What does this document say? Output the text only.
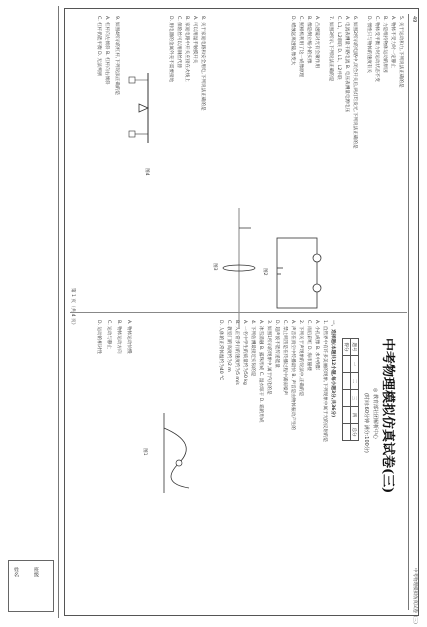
姓名	班级
49
中考物理模拟仿真试卷（三）
5. 关于运动和力,下列说法正确的是
A. 物体不受力时一定静止
B. 力是维持物体运动的原因
C. 物体受平衡力时运动状态不变
D. 惯性只与物体的速度有关
6. 如图2所示的电路中,闭合开关后,两灯均发光,下列说法正确的是
A. 电流表测量干路电流 B. 电压表测量电源电压
C. L1、L2串联 D. L1、L2并联
7. 如图3所示,下列说法正确的是
图2
A. 凸透镜对光有会聚作用
B. 像是倒立缩小的实像
C. 照相机利用了这一成像原理
D. 蜡烛远离透镜,像变大
图3
8. 关于家庭电路和安全用电,下列说法正确的是
A. 可以用湿手触摸开关
B. 家庭电路中开关应接在火线上
C. 保险丝可以用铜丝代替
D. 用电器的金属外壳不需要接地
图4
9. 如图4所示的杠杆,下列说法正确的是
A. 杠杆向左倾斜 B. 杠杆向右倾斜
C. 杠杆仍能平衡 D. 无法判断
中考物理模拟仿真试卷(三)
◎ 教育部社团解析中心
(时间:60分钟 满分:100分)
题号	一	二	三	四	总分
得分					
一、选择题(本题共12小题,每小题3分,共36分)
1. 自然界中有许多美丽的现象,下列现象中属于光的反射的是
A. 小孔成像 B. 水中倒影
C. 雨后彩虹 D. 海市蜃楼
2. 下列关于声现象的说法中,正确的是
A. 声音在真空中传播最快 B. 声音是由物体振动产生的
C. 禁止鸣笛是在传播过程中减弱噪声
D. 超声波不能传递能量
3. 如图1所示的现象中,属于汽化的是
A. 冰雪消融 B. 露珠形成 C. 湿衣晾干 D. 霜的形成
4. 下列估测最接近实际的是
A. 一名中学生的质量约为50 kg
B. 人正常步行的速度约为5 m/s
C. 教室门的高度约为2 m
D. 人体的正常体温约为40 ℃
图1
A. 物体运动快慢
B. 物体运动方向
C. 运动与静止
D. 运动的相对性
第 1 页（共 4 页）
